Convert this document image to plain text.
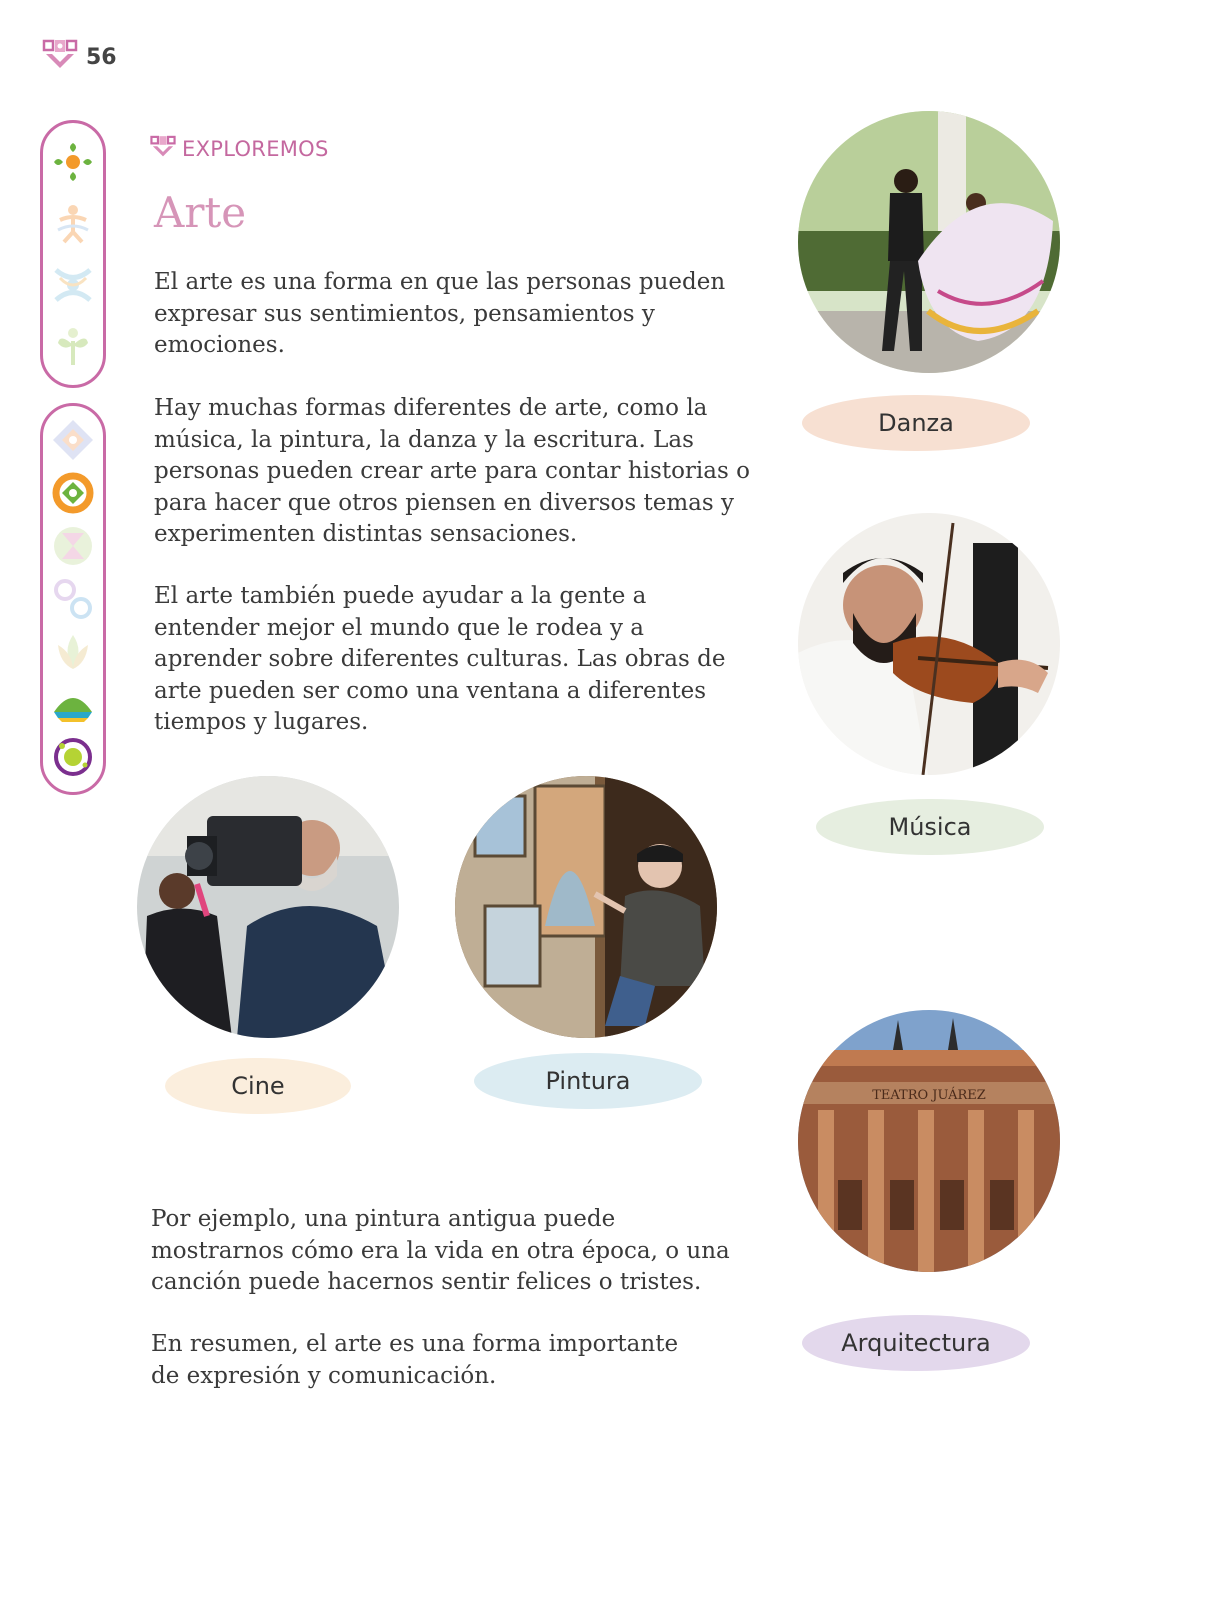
56
EXPLOREMOS
Arte

El arte es una forma en que las personas pueden expresar sus sentimientos, pensamientos y emociones.

Hay muchas formas diferentes de arte, como la música, la pintura, la danza y la escritura. Las personas pueden crear arte para contar historias o para hacer que otros piensen en diversos temas y experimenten distintas sensaciones.

El arte también puede ayudar a la gente a entender mejor el mundo que le rodea y a aprender sobre diferentes culturas. Las obras de arte pueden ser como una ventana a diferentes tiempos y lugares.

Por ejemplo, una pintura antigua puede mostrarnos cómo era la vida en otra época, o una canción puede hacernos sentir felices o tristes.

En resumen, el arte es una forma importante de expresión y comunicación.

Danza
Música
Cine	Pintura
TEATRO JUÁREZ
Arquitectura
